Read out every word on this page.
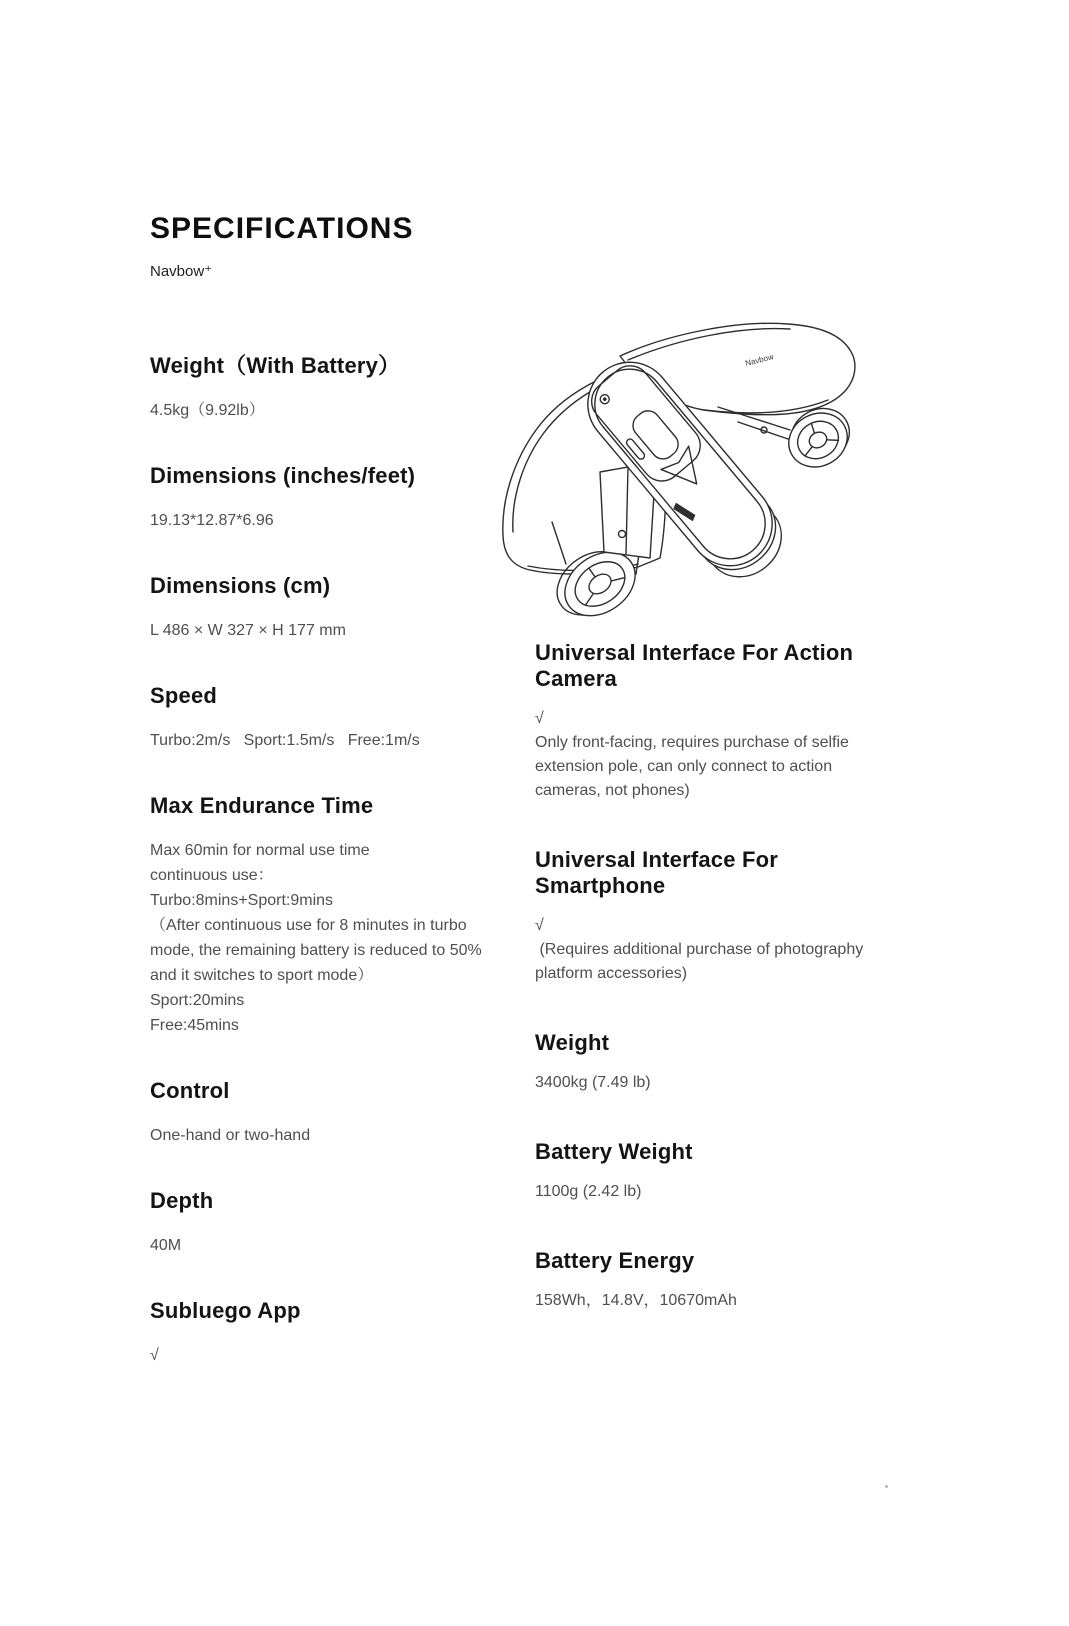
SPECIFICATIONS
Navbow⁺
Weight（With Battery）
4.5kg（9.92lb）
Dimensions (inches/feet)
19.13*12.87*6.96
Dimensions (cm)
L 486 × W 327 × H 177 mm
Speed
Turbo:2m/s   Sport:1.5m/s   Free:1m/s
Max Endurance Time
Max 60min for normal use time
continuous use：
Turbo:8mins+Sport:9mins
（After continuous use for 8 minutes in turbo mode, the remaining battery is reduced to 50% and it switches to sport mode）
Sport:20mins
Free:45mins
Control
One-hand or two-hand
Depth
40M
Subluego App
√
Navbow
Universal Interface For Action Camera
√
Only front-facing, requires purchase of selfie extension pole, can only connect to action cameras, not phones)
Universal Interface For Smartphone
√
(Requires additional purchase of photography platform accessories)
Weight
3400kg (7.49 lb)
Battery Weight
1100g (2.42 lb)
Battery Energy
158Wh，14.8V，10670mAh
